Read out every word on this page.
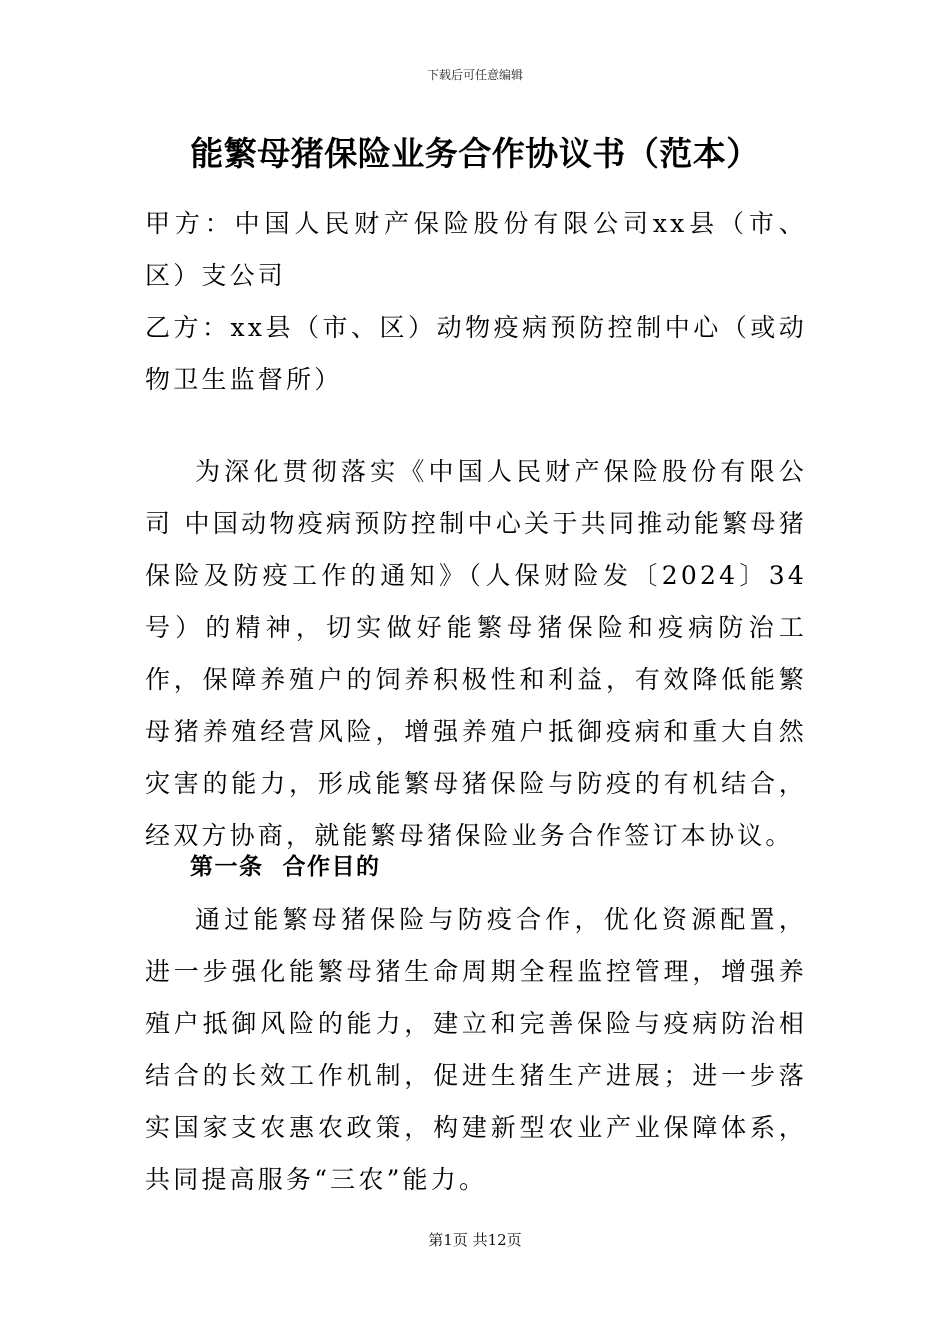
下载后可任意编辑
能繁母猪保险业务合作协议书（范本）
甲方：中国人民财产保险股份有限公司xx县（市、区）支公司
乙方：xx县（市、区）动物疫病预防控制中心（或动物卫生监督所）
为深化贯彻落实《中国人民财产保险股份有限公司 中国动物疫病预防控制中心关于共同推动能繁母猪保险及防疫工作的通知》（人保财险发〔2024〕34号）的精神，切实做好能繁母猪保险和疫病防治工作，保障养殖户的饲养积极性和利益，有效降低能繁母猪养殖经营风险，增强养殖户抵御疫病和重大自然灾害的能力，形成能繁母猪保险与防疫的有机结合，经双方协商，就能繁母猪保险业务合作签订本协议。
第一条  合作目的
通过能繁母猪保险与防疫合作，优化资源配置，进一步强化能繁母猪生命周期全程监控管理，增强养殖户抵御风险的能力，建立和完善保险与疫病防治相结合的长效工作机制，促进生猪生产进展；进一步落实国家支农惠农政策，构建新型农业产业保障体系，共同提高服务“三农”能力。
第1页 共12页
